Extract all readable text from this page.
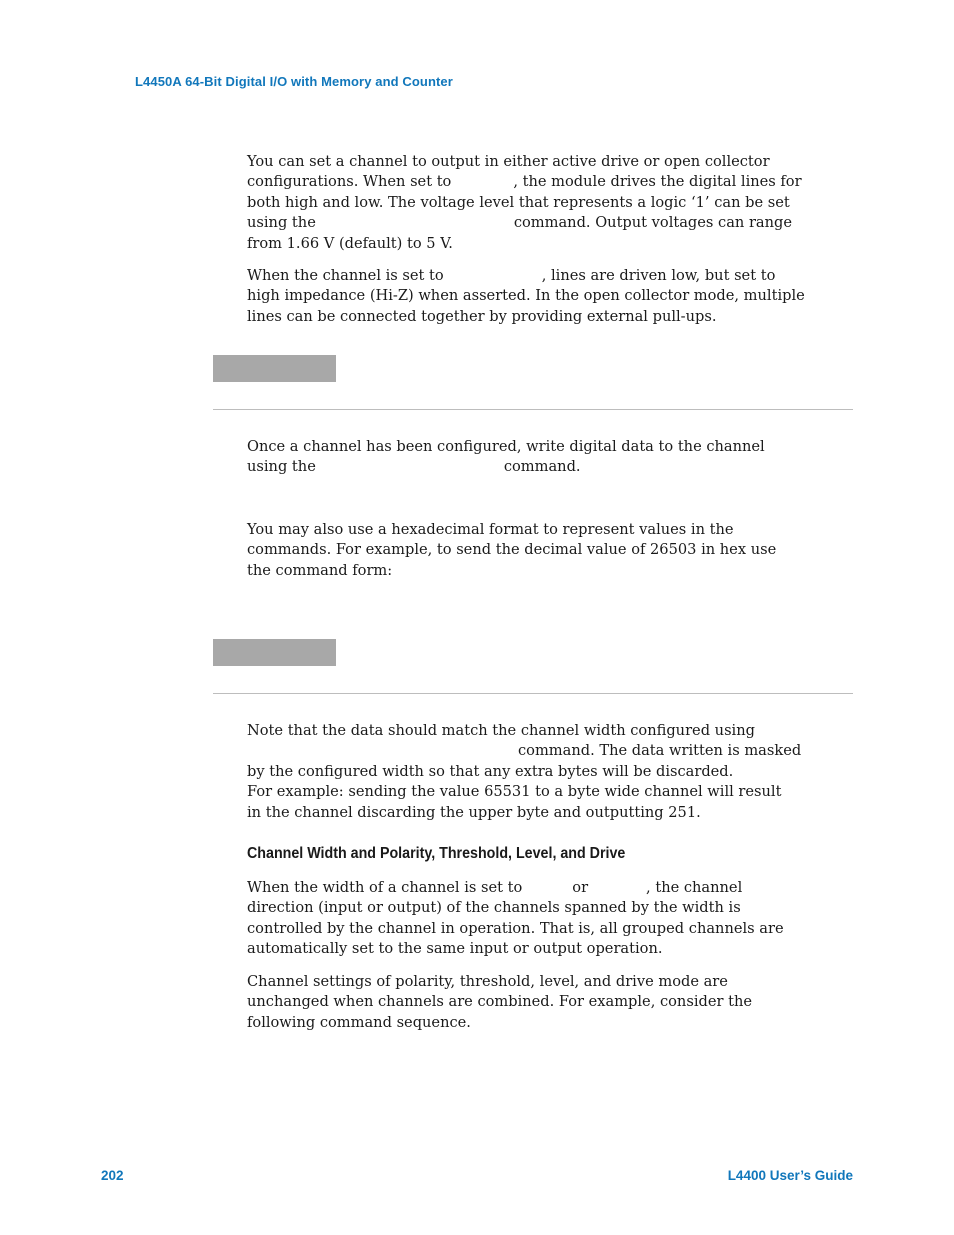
L4450A 64-Bit Digital I/O with Memory and Counter

You can set a channel to output in either active drive or open collector
configurations. When set to	, the module drives the digital lines for
both high and low. The voltage level that represents a logic ‘1’ can be set
using the	command. Output voltages can range
from 1.66 V (default) to 5 V.

When the channel is set to	, lines are driven low, but set to
high impedance (Hi-Z) when asserted. In the open collector mode, multiple
lines can be connected together by providing external pull-ups.

Once a channel has been configured, write digital data to the channel
using the	command.

You may also use a hexadecimal format to represent values in the
commands. For example, to send the decimal value of 26503 in hex use
the command form:

Note that the data should match the channel width configured using
command. The data written is masked
by the configured width so that any extra bytes will be discarded.
For example: sending the value 65531 to a byte wide channel will result
in the channel discarding the upper byte and outputting 251.

Channel Width and Polarity, Threshold, Level, and Drive

When the width of a channel is set to	or	, the channel
direction (input or output) of the channels spanned by the width is
controlled by the channel in operation. That is, all grouped channels are
automatically set to the same input or output operation.

Channel settings of polarity, threshold, level, and drive mode are
unchanged when channels are combined. For example, consider the
following command sequence.

202	L4400 User’s Guide
